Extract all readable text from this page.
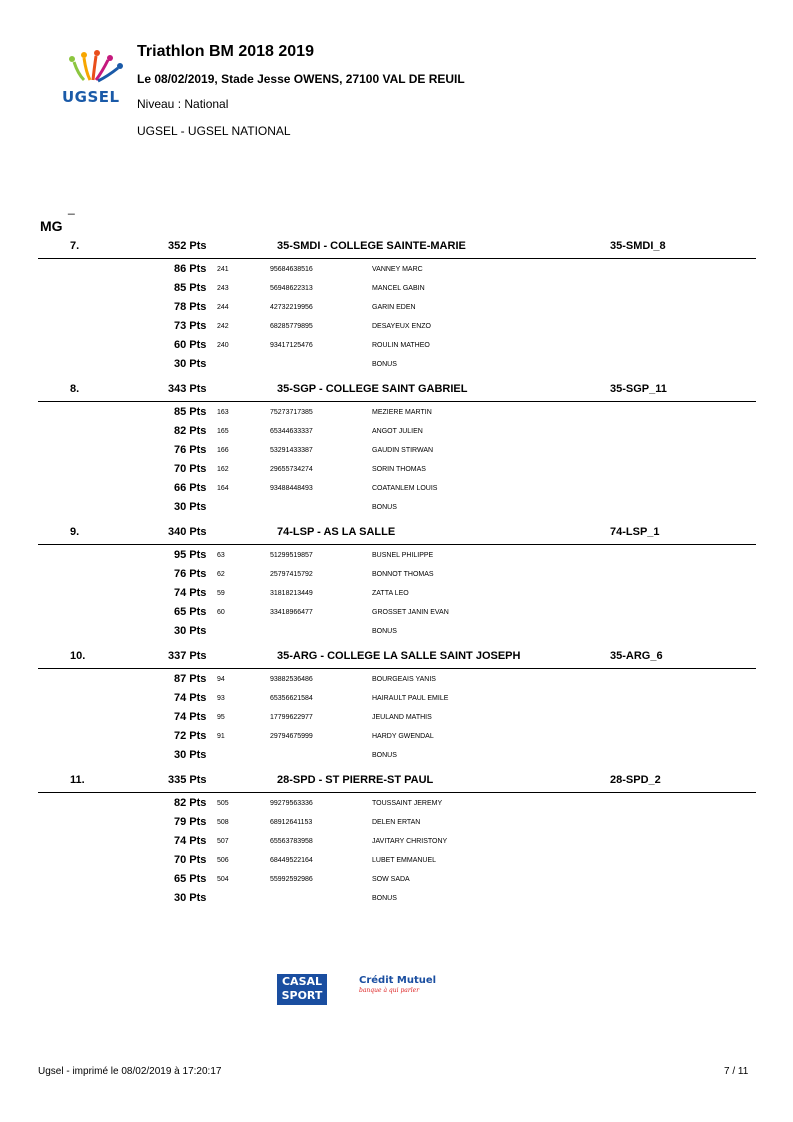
UGSEL
Triathlon BM 2018 2019
Le 08/02/2019, Stade Jesse OWENS, 27100 VAL DE REUIL
Niveau : National
UGSEL - UGSEL NATIONAL
_
MG
7.	352 Pts	35-SMDI - COLLEGE SAINTE-MARIE	35-SMDI_8
86 Pts 241	95684638516	VANNEY MARC
85 Pts 243	56948622313	MANCEL GABIN
78 Pts 244	42732219956	GARIN EDEN
73 Pts 242	68285779895	DESAYEUX ENZO
60 Pts 240	93417125476	ROULIN MATHEO
30 Pts	BONUS
8.	343 Pts	35-SGP - COLLEGE SAINT GABRIEL	35-SGP_11
85 Pts 163	75273717385	MEZIERE MARTIN
82 Pts 165	65344633337	ANGOT JULIEN
76 Pts 166	53291433387	GAUDIN STIRWAN
70 Pts 162	29655734274	SORIN THOMAS
66 Pts 164	93488448493	COATANLEM LOUIS
30 Pts	BONUS
9.	340 Pts	74-LSP - AS LA SALLE	74-LSP_1
95 Pts 63	51299519857	BUSNEL PHILIPPE
76 Pts 62	25797415792	BONNOT THOMAS
74 Pts 59	31818213449	ZATTA LEO
65 Pts 60	33418966477	GROSSET JANIN EVAN
30 Pts	BONUS
10.	337 Pts	35-ARG - COLLEGE LA SALLE SAINT JOSEPH	35-ARG_6
87 Pts 94	93882536486	BOURGEAIS YANIS
74 Pts 93	65356621584	HAIRAULT PAUL EMILE
74 Pts 95	17799622977	JEULAND MATHIS
72 Pts 91	29794675999	HARDY GWENDAL
30 Pts	BONUS
11.	335 Pts	28-SPD - ST PIERRE-ST PAUL	28-SPD_2
82 Pts 505	99279563336	TOUSSAINT JEREMY
79 Pts 508	68912641153	DELEN ERTAN
74 Pts 507	65563783958	JAVITARY CHRISTONY
70 Pts 506	68449522164	LUBET EMMANUEL
65 Pts 504	55992592986	SOW SADA
30 Pts	BONUS
CASAL
SPORT
Crédit Mutuel
banque à qui parler
Ugsel - imprimé le 08/02/2019 à 17:20:17	7 / 11
